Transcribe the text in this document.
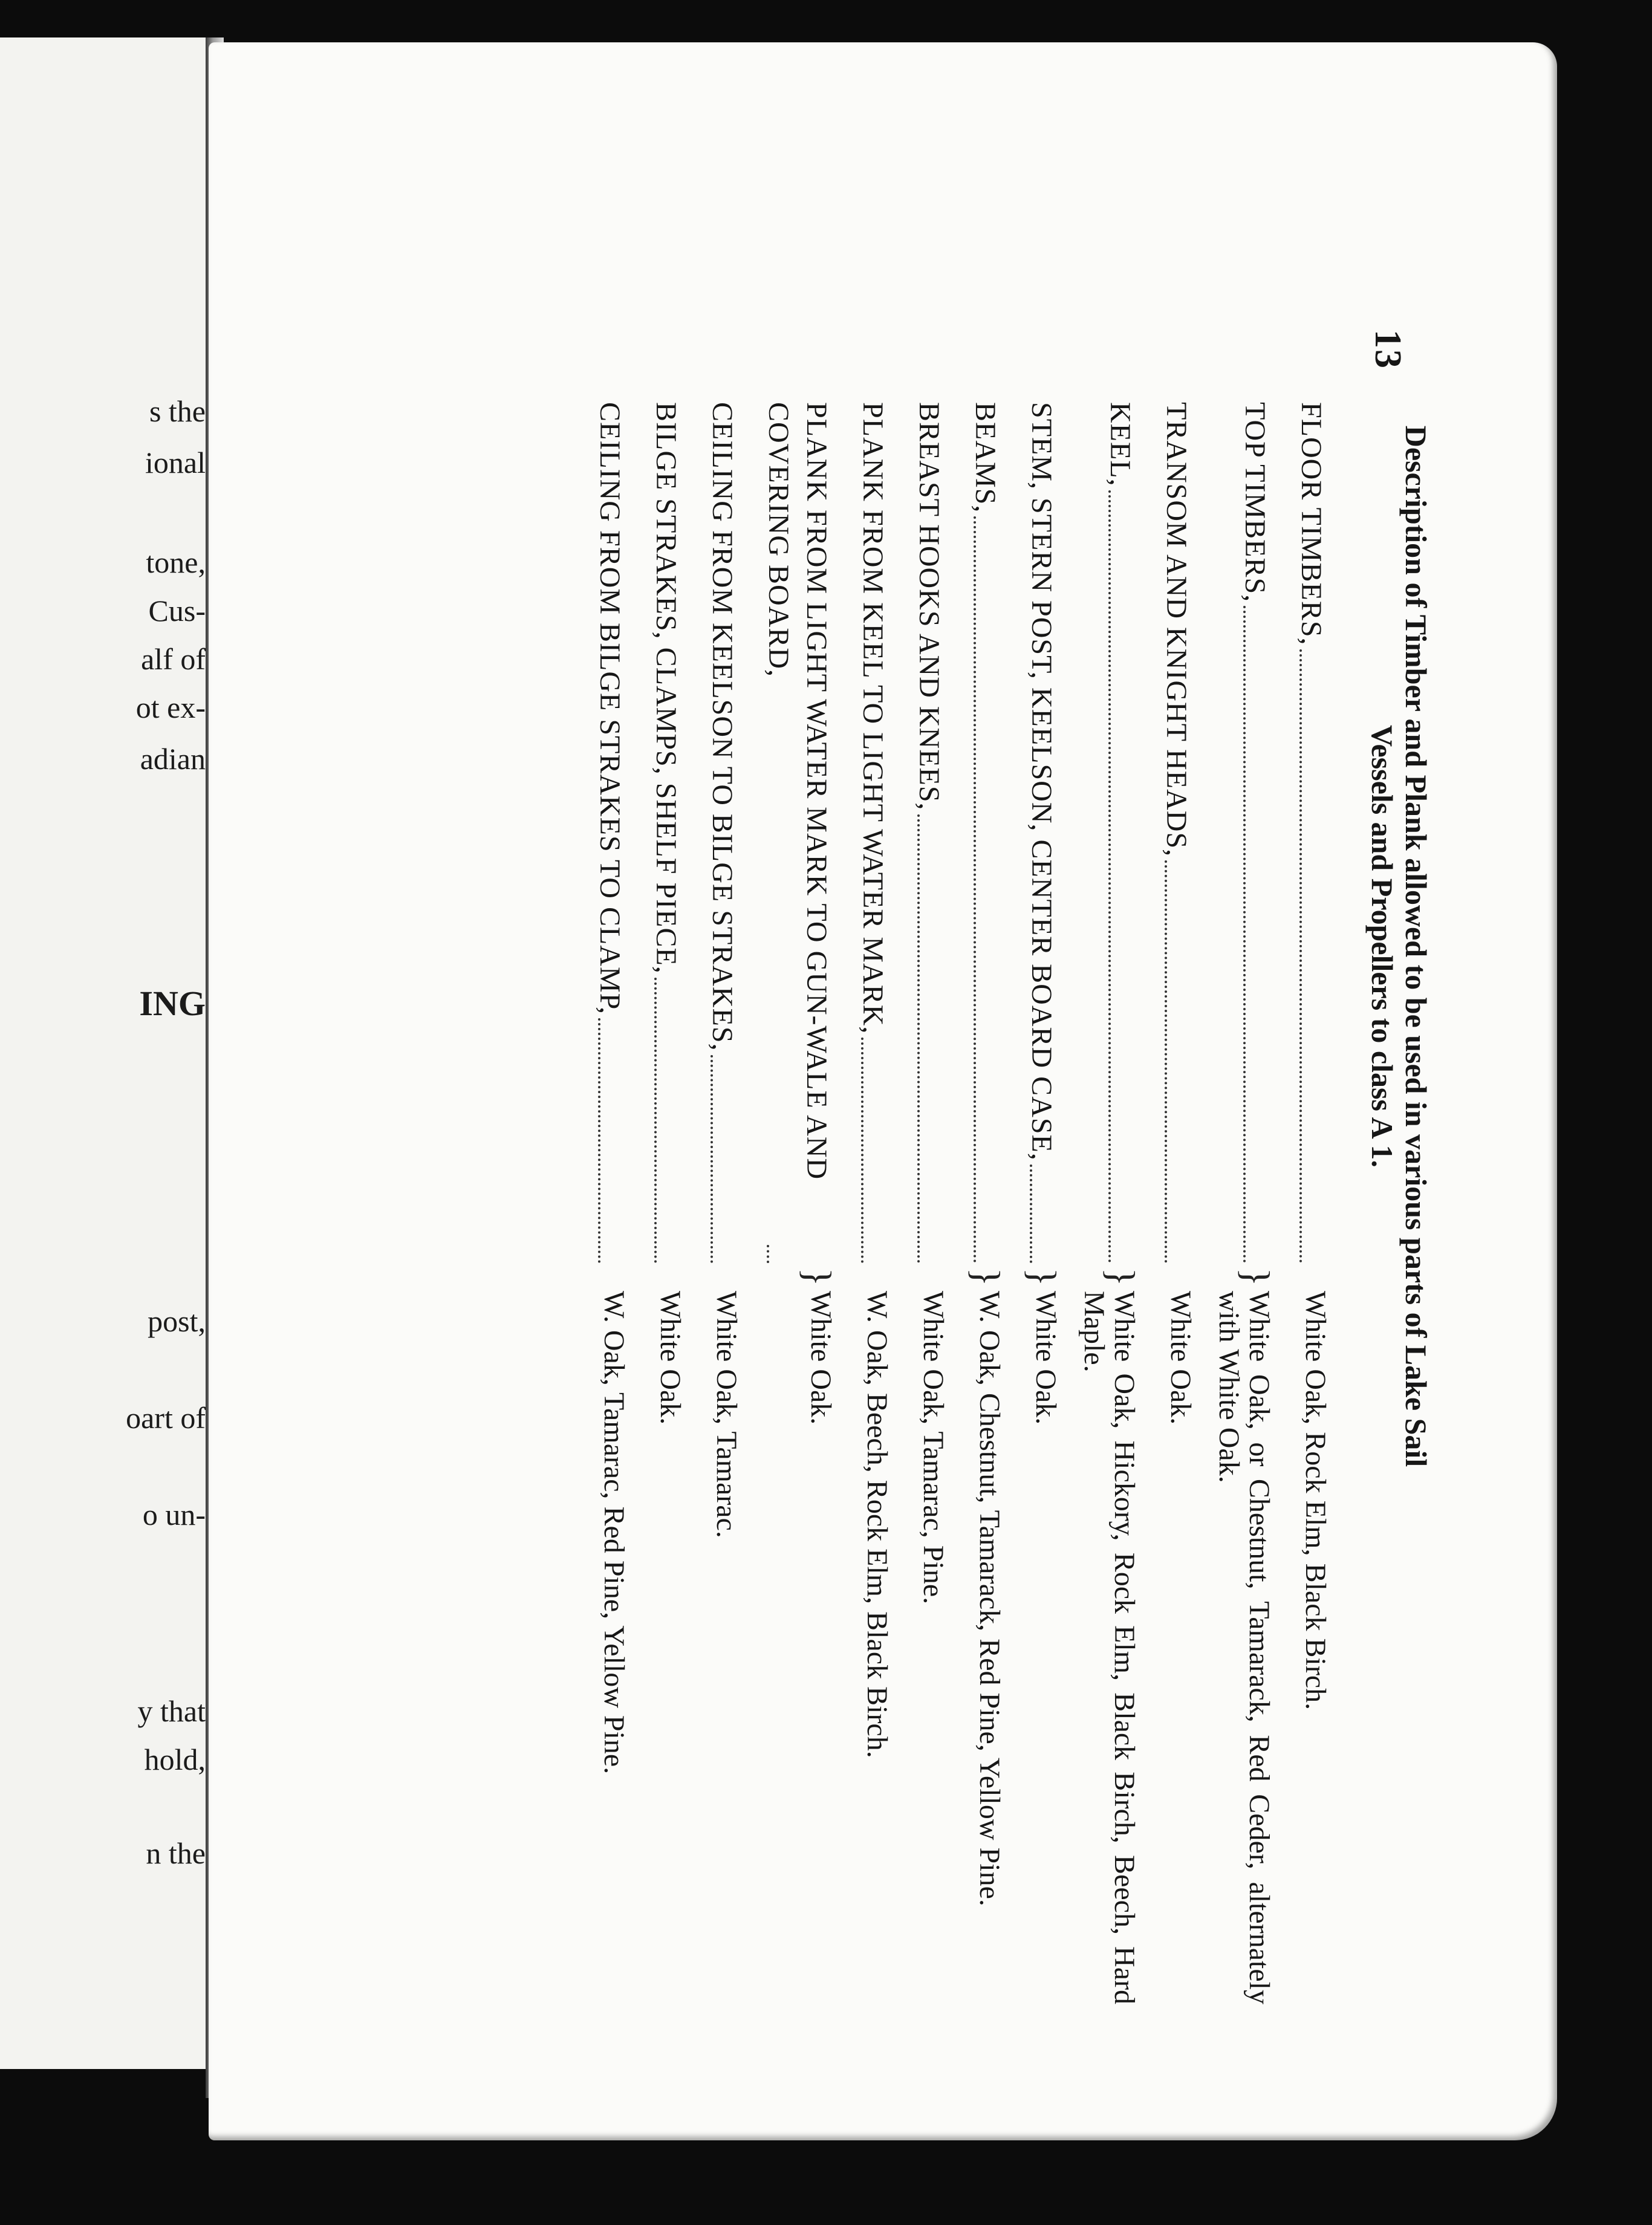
s the
ional
tone,
Cus-
alf of
ot ex-
adian
ING
post,
oart of
o un-
y that
hold,
n the
13
Description of Timber and Plank allowed to be used in various parts of Lake Sail Vessels and Propellers to class A 1.
FLOOR TIMBERS,		White Oak, Rock Elm, Black Birch.

TOP TIMBERS,	}	White Oak, or Chestnut, Tamarack, Red Ceder, alternately with White Oak.

TRANSOM AND KNIGHT HEADS,		White Oak.

KEEL,	}	White Oak, Hickory, Rock Elm, Black Birch, Beech, Hard Maple.

STEM, STERN POST, KEELSON, CENTER BOARD CASE,	}	White Oak.

BEAMS,	}	W. Oak, Chestnut, Tamarack, Red Pine, Yellow Pine.

BREAST HOOKS AND KNEES,		White Oak, Tamarac, Pine.

PLANK FROM KEEL TO LIGHT WATER MARK,		W. Oak, Beech, Rock Elm, Black Birch.

PLANK FROM LIGHT WATER MARK TO GUN-WALE AND COVERING BOARD,	}	White Oak.

CEILING FROM KEELSON TO BILGE STRAKES,		White Oak, Tamarac.

BILGE STRAKES, CLAMPS, SHELF PIECE,		White Oak.

CEILING FROM BILGE STRAKES TO CLAMP,		W. Oak, Tamarac, Red Pine, Yellow Pine.
